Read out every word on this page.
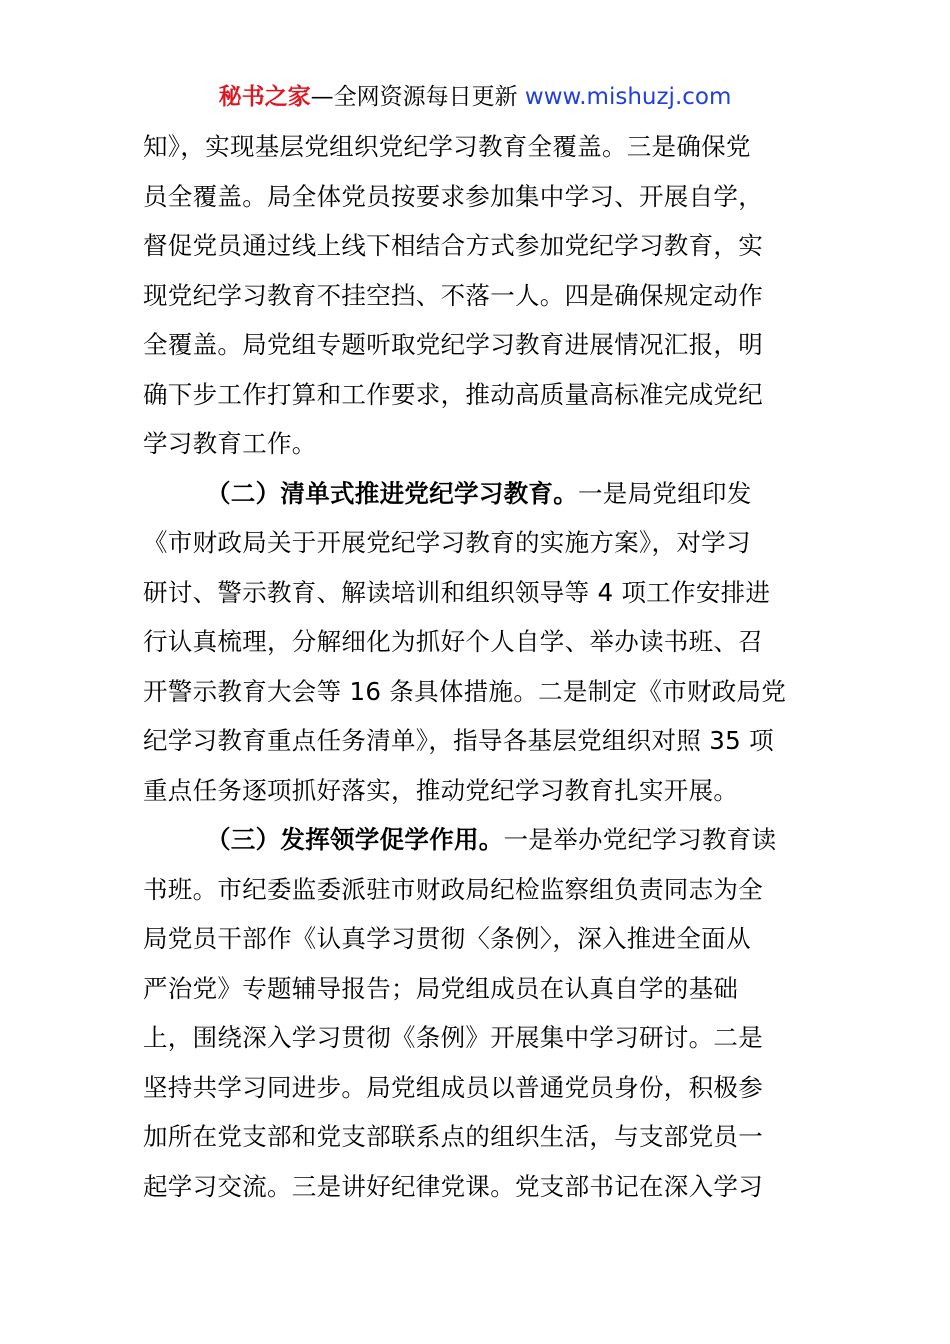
秘书之家—全网资源每日更新 www.mishuzj.com
知》，实现基层党组织党纪学习教育全覆盖。三是确保党
员全覆盖。局全体党员按要求参加集中学习、开展自学，
督促党员通过线上线下相结合方式参加党纪学习教育，实
现党纪学习教育不挂空挡、不落一人。四是确保规定动作
全覆盖。局党组专题听取党纪学习教育进展情况汇报，明
确下步工作打算和工作要求，推动高质量高标准完成党纪
学习教育工作。
（二）清单式推进党纪学习教育。一是局党组印发
《市财政局关于开展党纪学习教育的实施方案》，对学习
研讨、警示教育、解读培训和组织领导等 4 项工作安排进
行认真梳理，分解细化为抓好个人自学、举办读书班、召
开警示教育大会等 16 条具体措施。二是制定《市财政局党
纪学习教育重点任务清单》，指导各基层党组织对照 35 项
重点任务逐项抓好落实，推动党纪学习教育扎实开展。
（三）发挥领学促学作用。一是举办党纪学习教育读
书班。市纪委监委派驻市财政局纪检监察组负责同志为全
局党员干部作《认真学习贯彻〈条例〉，深入推进全面从
严治党》专题辅导报告；局党组成员在认真自学的基础
上，围绕深入学习贯彻《条例》开展集中学习研讨。二是
坚持共学习同进步。局党组成员以普通党员身份，积极参
加所在党支部和党支部联系点的组织生活，与支部党员一
起学习交流。三是讲好纪律党课。党支部书记在深入学习
